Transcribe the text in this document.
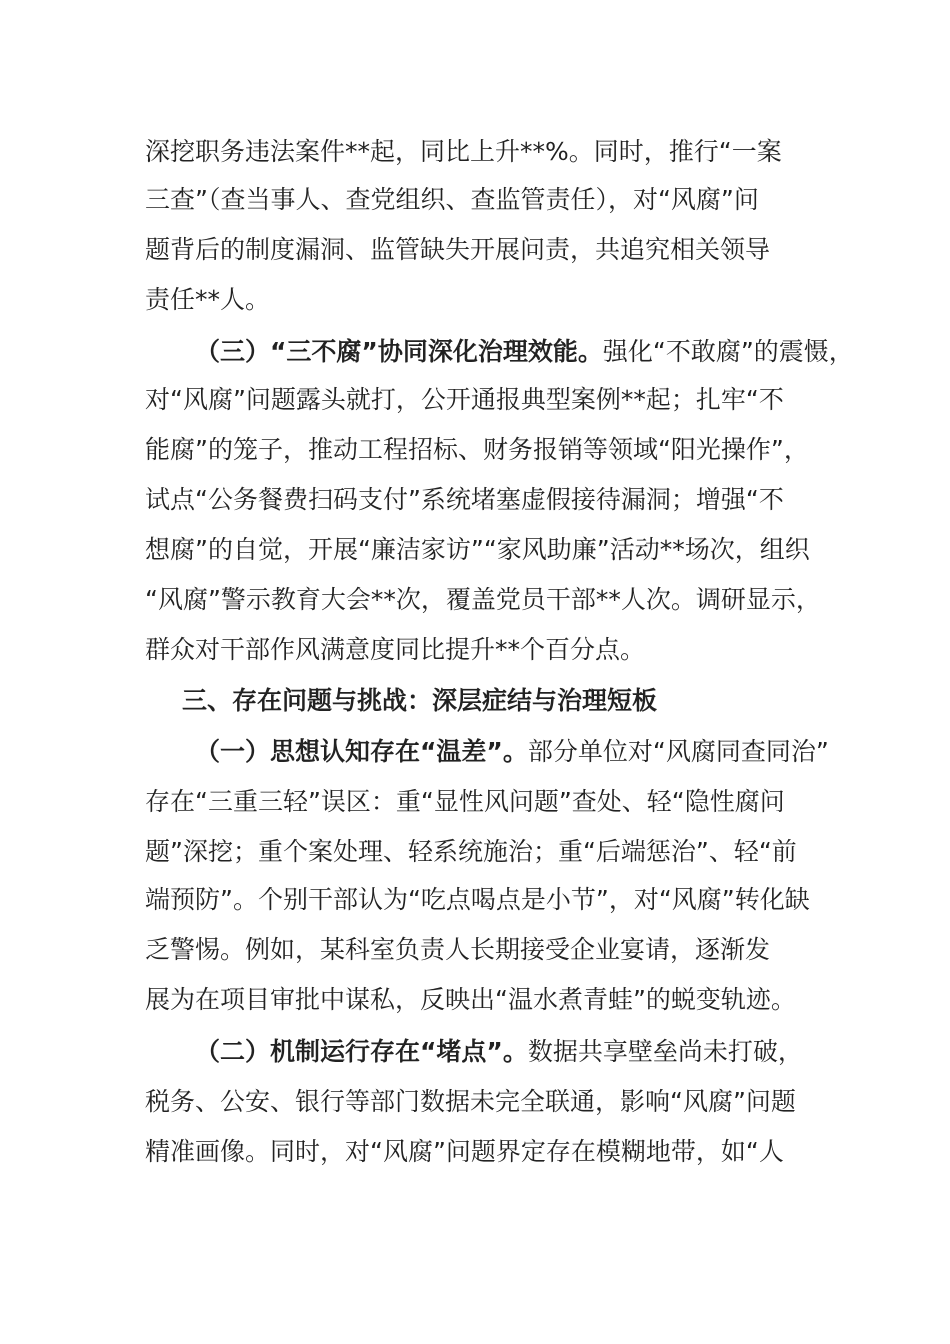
深挖职务违法案件**起，同比上升**%。同时，推行“一案
三查”（查当事人、查党组织、查监管责任），对“风腐”问
题背后的制度漏洞、监管缺失开展问责，共追究相关领导
责任**人。
（三）“三不腐”协同深化治理效能。强化“不敢腐”的震慑，
对“风腐”问题露头就打，公开通报典型案例**起；扎牢“不
能腐”的笼子，推动工程招标、财务报销等领域“阳光操作”，
试点“公务餐费扫码支付”系统堵塞虚假接待漏洞；增强“不
想腐”的自觉，开展“廉洁家访”“家风助廉”活动**场次，组织
“风腐”警示教育大会**次，覆盖党员干部**人次。调研显示，
群众对干部作风满意度同比提升**个百分点。
三、存在问题与挑战：深层症结与治理短板
（一）思想认知存在“温差”。部分单位对“风腐同查同治”
存在“三重三轻”误区：重“显性风问题”查处、轻“隐性腐问
题”深挖；重个案处理、轻系统施治；重“后端惩治”、轻“前
端预防”。个别干部认为“吃点喝点是小节”，对“风腐”转化缺
乏警惕。例如，某科室负责人长期接受企业宴请，逐渐发
展为在项目审批中谋私，反映出“温水煮青蛙”的蜕变轨迹。
（二）机制运行存在“堵点”。数据共享壁垒尚未打破，
税务、公安、银行等部门数据未完全联通，影响“风腐”问题
精准画像。同时，对“风腐”问题界定存在模糊地带，如“人
